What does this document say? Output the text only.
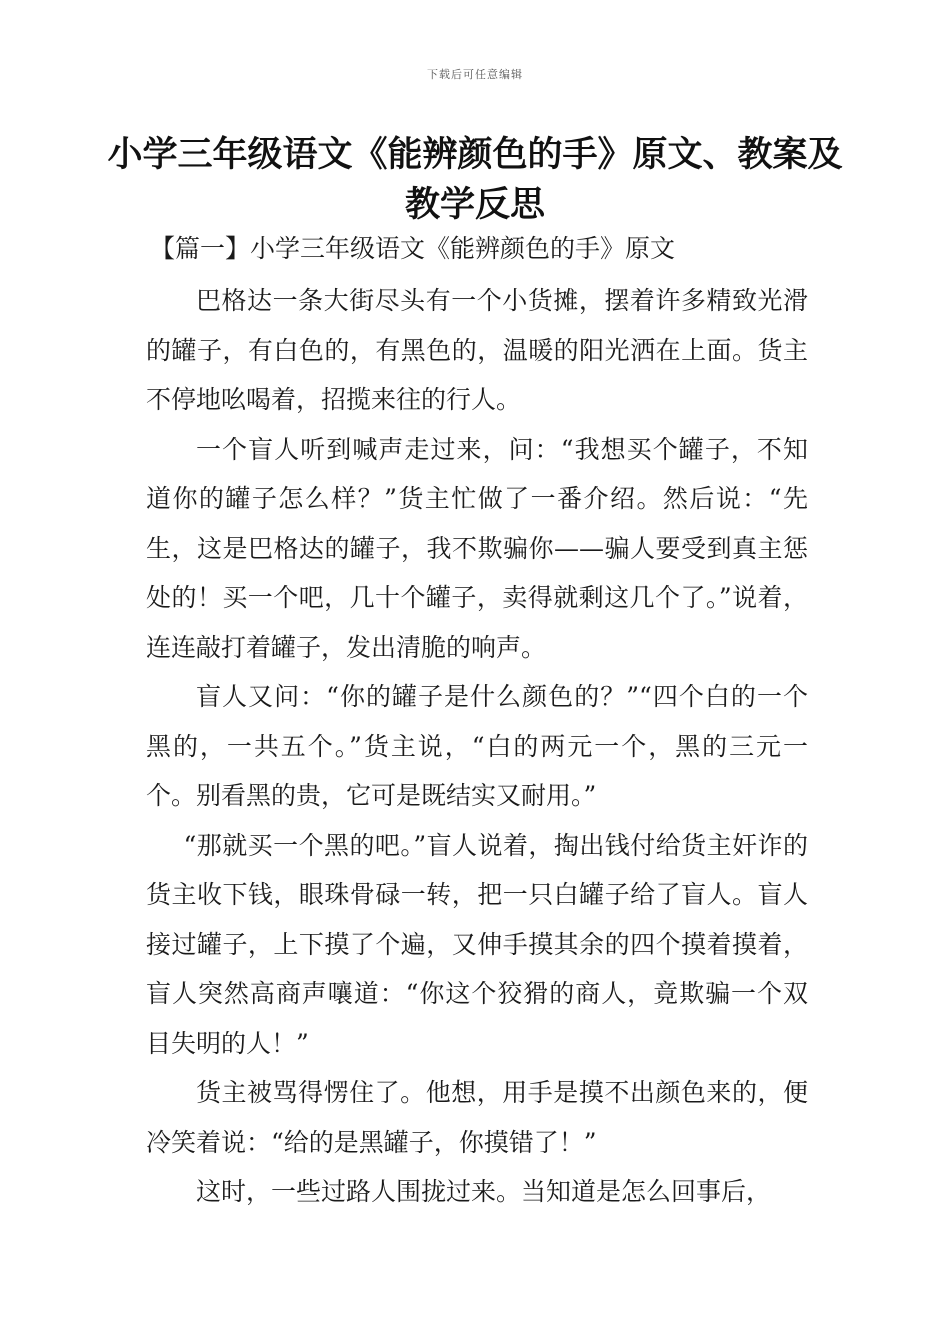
下载后可任意编辑
小学三年级语文《能辨颜色的手》原文、教案及教学反思
【篇一】小学三年级语文《能辨颜色的手》原文

巴格达一条大街尽头有一个小货摊，摆着许多精致光滑的罐子，有白色的，有黑色的，温暖的阳光洒在上面。货主不停地吆喝着，招揽来往的行人。

一个盲人听到喊声走过来，问：“我想买个罐子，不知道你的罐子怎么样？”货主忙做了一番介绍。然后说：“先生，这是巴格达的罐子，我不欺骗你——骗人要受到真主惩处的！买一个吧，几十个罐子，卖得就剩这几个了。”说着，连连敲打着罐子，发出清脆的响声。

盲人又问：“你的罐子是什么颜色的？”“四个白的一个黑的，一共五个。”货主说，“白的两元一个，黑的三元一个。别看黑的贵，它可是既结实又耐用。”

“那就买一个黑的吧。”盲人说着，掏出钱付给货主奸诈的货主收下钱，眼珠骨碌一转，把一只白罐子给了盲人。盲人接过罐子，上下摸了个遍，又伸手摸其余的四个摸着摸着，盲人突然高商声嚷道：“你这个狡猾的商人，竟欺骗一个双目失明的人！”

货主被骂得愣住了。他想，用手是摸不出颜色来的，便冷笑着说：“给的是黑罐子，你摸错了！”

这时，一些过路人围拢过来。当知道是怎么回事后，
